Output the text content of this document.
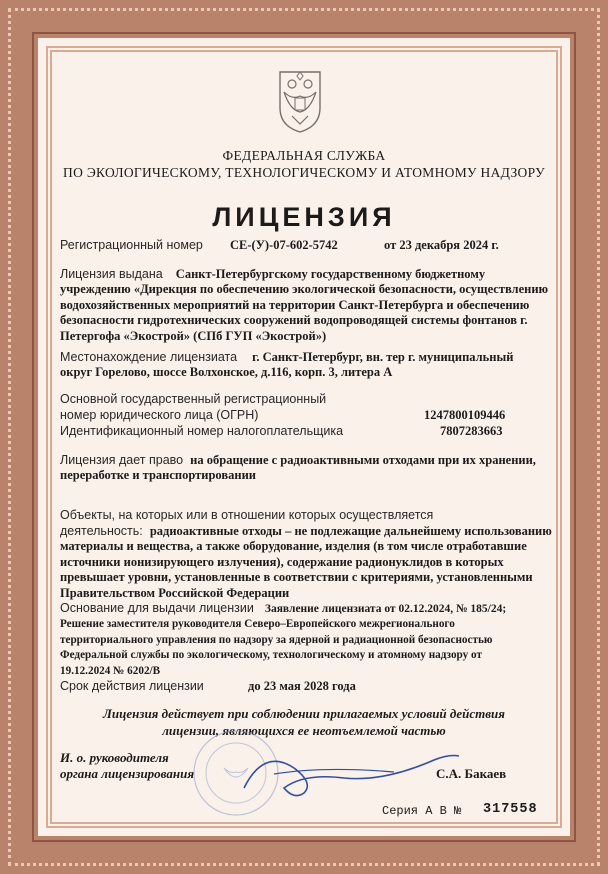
ФЕДЕРАЛЬНАЯ СЛУЖБА
ПО ЭКОЛОГИЧЕСКОМУ, ТЕХНОЛОГИЧЕСКОМУ И АТОМНОМУ НАДЗОРУ
ЛИЦЕНЗИЯ
Регистрационный номер СЕ-(У)-07-602-5742	от 23 декабря 2024 г.
Лицензия выдана Санкт-Петербургскому государственному бюджетному
учреждению «Дирекция по обеспечению экологической безопасности, осуществлению
водохозяйственных мероприятий на территории Санкт-Петербурга и обеспечению
безопасности гидротехнических сооружений водопроводящей системы фонтанов г.
Петергофа «Экострой» (СПб ГУП «Экострой»)
Местонахождение лицензиата г. Санкт-Петербург, вн. тер г. муниципальный
округ Горелово, шоссе Волхонское, д.116, корп. 3, литера А
Основной государственный регистрационный
номер юридического лица (ОГРН)	1247800109446
Идентификационный номер налогоплательщика	7807283663
Лицензия дает право на обращение с радиоактивными отходами при их хранении,
переработке и транспортировании
Объекты, на которых или в отношении которых осуществляется
деятельность: радиоактивные отходы – не подлежащие дальнейшему использованию
материалы и вещества, а также оборудование, изделия (в том числе отработавшие
источники ионизирующего излучения), содержание радионуклидов в которых
превышает уровни, установленные в соответствии с критериями, установленными
Правительством Российской Федерации
Основание для выдачи лицензии Заявление лицензиата от 02.12.2024, № 185/24;
Решение заместителя руководителя Северо–Европейского межрегионального
территориального управления по надзору за ядерной и радиационной безопасностью
Федеральной службы по экологическому, технологическому и атомному надзору от
19.12.2024 № 6202/В
Срок действия лицензии	до 23 мая 2028 года
Лицензия действует при соблюдении прилагаемых условий действия
лицензии, являющихся ее неотъемлемой частью
И. о. руководителя
органа лицензирования	С.А. Бакаев
Серия А В № 317558
